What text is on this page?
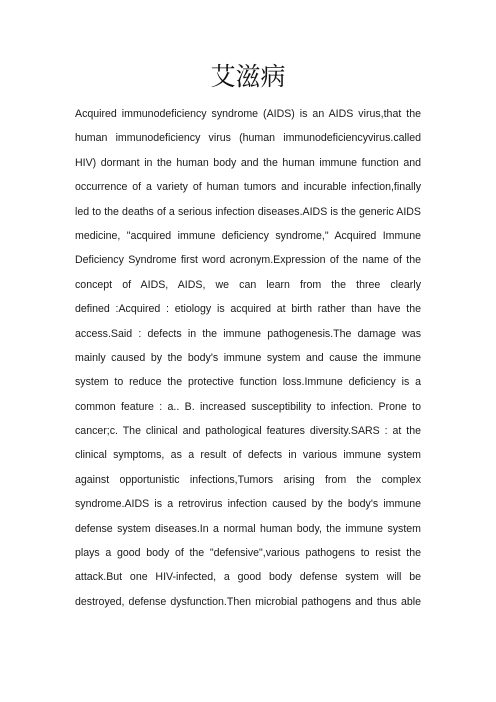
艾滋病
Acquired immunodeficiency syndrome (AIDS) is an AIDS virus,that the
human immunodeficiency virus (human immunodeficiencyvirus.called
HIV) dormant in the human body and the human immune function and
occurrence of a variety of human tumors and incurable infection,finally
led to the deaths of a serious infection diseases.AIDS is the generic AIDS
medicine, "acquired immune deficiency syndrome," Acquired Immune
Deficiency Syndrome first word acronym.Expression of the name of the
concept of AIDS, AIDS, we can learn from the three clearly
defined :Acquired : etiology is acquired at birth rather than have the
access.Said : defects in the immune pathogenesis.The damage was
mainly caused by the body's immune system and cause the immune
system to reduce the protective function loss.Immune deficiency is a
common feature : a.. B. increased susceptibility to infection. Prone to
cancer;c. The clinical and pathological features diversity.SARS : at the
clinical symptoms, as a result of defects in various immune system
against opportunistic infections,Tumors arising from the complex
syndrome.AIDS is a retrovirus infection caused by the body's immune
defense system diseases.In a normal human body, the immune system
plays a good body of the "defensive",various pathogens to resist the
attack.But one HIV-infected, a good body defense system will be
destroyed, defense dysfunction.Then microbial pathogens and thus able
